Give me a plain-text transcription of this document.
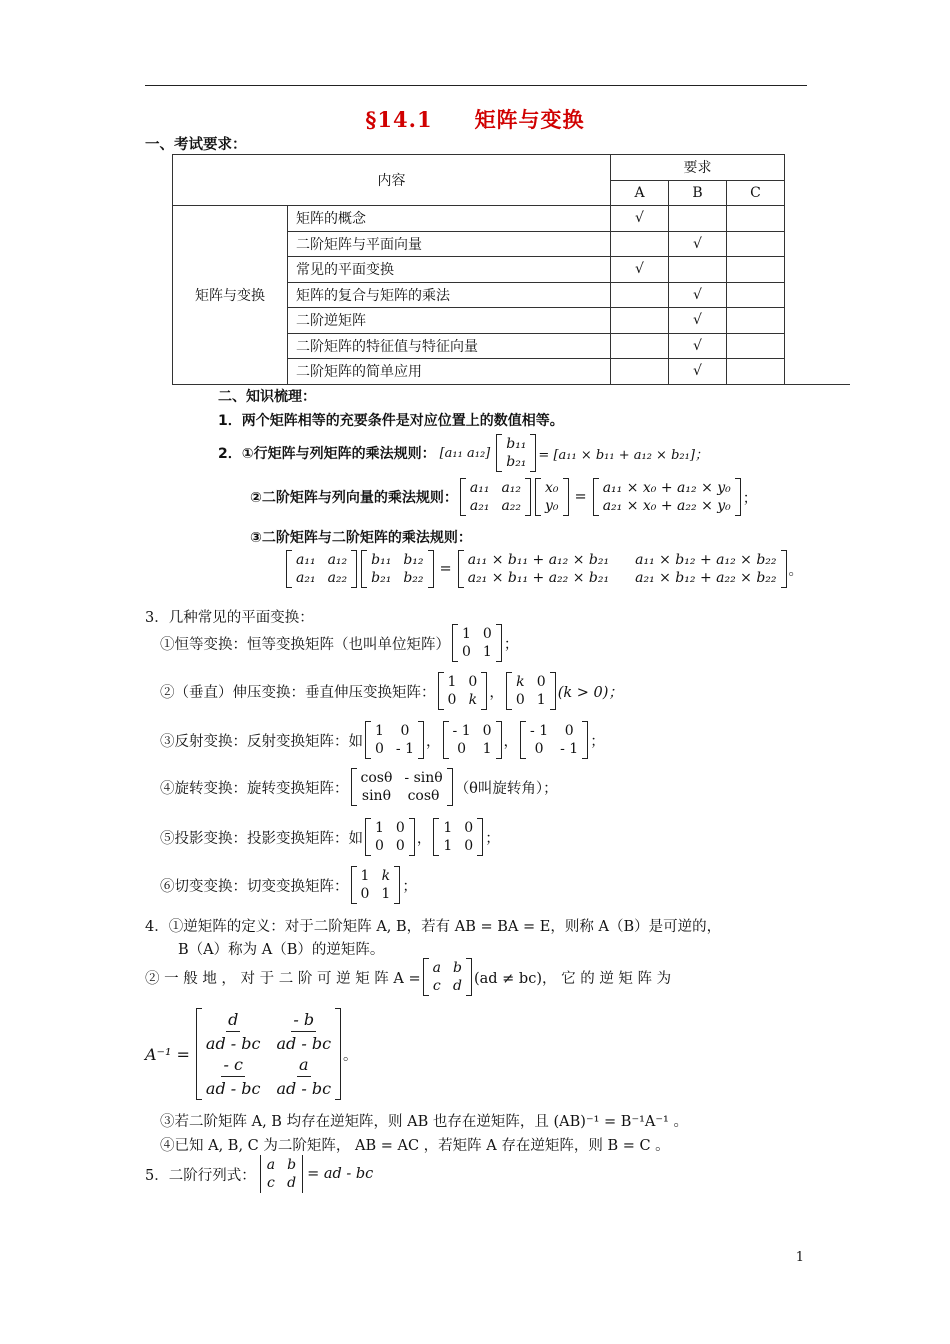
§14.1 矩阵与变换
一、考试要求：
内容		要求		
		A	B	C
矩阵与变换	矩阵的概念	√		
	二阶矩阵与平面向量		√	
	常见的平面变换	√		
	矩阵的复合与矩阵的乘法		√	
	二阶逆矩阵		√	
	二阶矩阵的特征值与特征向量		√	
	二阶矩阵的简单应用		√	
二、知识梳理：
1．两个矩阵相等的充要条件是对应位置上的数值相等。
2．①行矩阵与列矩阵的乘法规则： [a₁₁ a₁₂]
b₁₁
b₂₁ = [a₁₁ × b₁₁ + a₁₂ × b₂₁]；
②二阶矩阵与列向量的乘法规则：
a₁₁ a₁₂
a₂₁ a₂₂
x₀
y₀
=
a₁₁ × x₀ + a₁₂ × y₀
a₂₁ × x₀ + a₂₂ × y₀ ；
③二阶矩阵与二阶矩阵的乘法规则：
a₁₁ a₁₂
a₂₁ a₂₂
b₁₁ b₁₂
b₂₁ b₂₂
=
a₁₁ × b₁₁ + a₁₂ × b₂₁ a₁₁ × b₁₂ + a₁₂ × b₂₂
a₂₁ × b₁₁ + a₂₂ × b₂₁ a₂₁ × b₁₂ + a₂₂ × b₂₂ 。
3．几种常见的平面变换：
①恒等变换：恒等变换矩阵（也叫单位矩阵）
1 0
0 1 ；
②（垂直）伸压变换：垂直伸压变换矩阵：
1 0
0 k ，
k 0
0 1 (k > 0)；
③反射变换：反射变换矩阵：如
1	0
0 - 1 ，
- 1 0
0	1 ，
- 1	0
0	- 1 ；
④旋转变换：旋转变换矩阵：
cosθ - sinθ
sinθ cosθ （θ叫旋转角）；
⑤投影变换：投影变换矩阵：如
1 0
0 0 ，
1 0
1 0 ；
⑥切变变换：切变变换矩阵：
1 k
0 1 ；
4．①逆矩阵的定义：对于二阶矩阵 A, B，若有 AB = BA = E，则称 A（B）是可逆的，
B（A）称为 A（B）的逆矩阵。
② 一 般 地 ， 对 于 二 阶 可 逆 矩 阵 A =
a b
c d (ad ≠ bc)， 它 的 逆 矩 阵 为
A⁻¹ =
$\frac{d}{ad - bc} \frac{- b}{ad - bc}$
$\frac{- c}{ad - bc} \frac{a}{ad - bc}$ 。
③若二阶矩阵 A, B 均存在逆矩阵，则 AB 也存在逆矩阵，且 (AB)⁻¹ = B⁻¹A⁻¹ 。
④已知 A, B, C 为二阶矩阵， AB = AC ，若矩阵 A 存在逆矩阵，则 B = C 。
5．二阶行列式：
a b
c d
= ad - bc
1
